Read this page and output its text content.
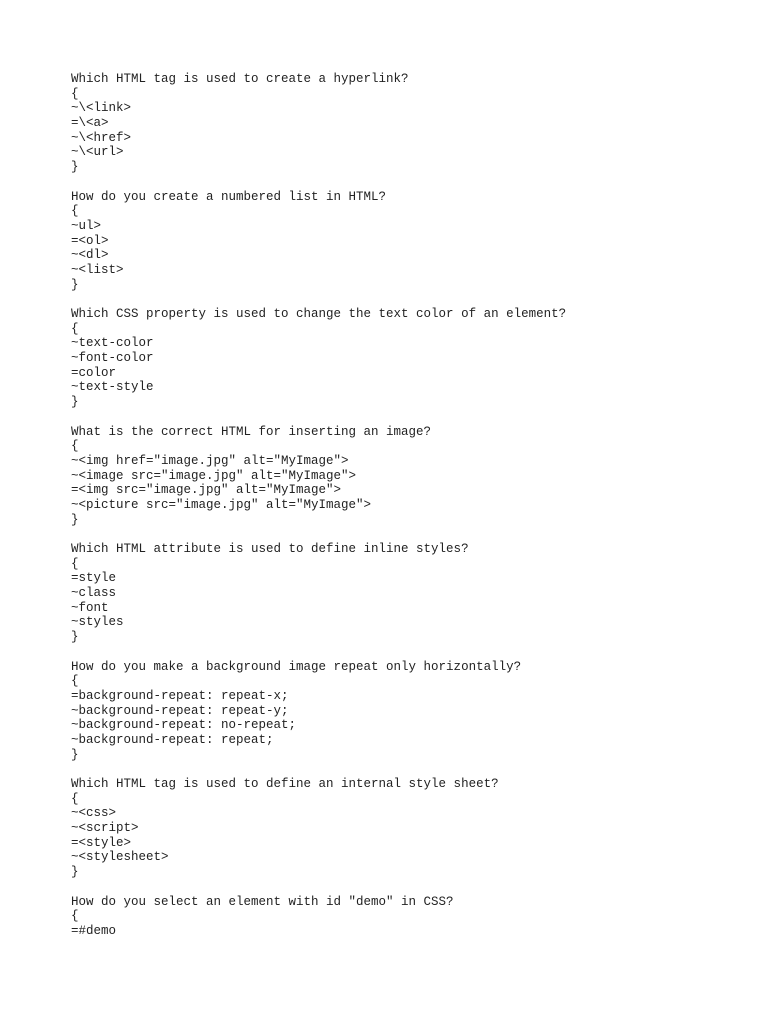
Which HTML tag is used to create a hyperlink?
{
~\<link>
=\<a>
~\<href>
~\<url>
}
How do you create a numbered list in HTML?
{
~ul>
=<ol>
~<dl>
~<list>
}
Which CSS property is used to change the text color of an element?
{
~text-color
~font-color
=color
~text-style
}
What is the correct HTML for inserting an image?
{
~<img href="image.jpg" alt="MyImage">
~<image src="image.jpg" alt="MyImage">
=<img src="image.jpg" alt="MyImage">
~<picture src="image.jpg" alt="MyImage">
}
Which HTML attribute is used to define inline styles?
{
=style
~class
~font
~styles
}
How do you make a background image repeat only horizontally?
{
=background-repeat: repeat-x;
~background-repeat: repeat-y;
~background-repeat: no-repeat;
~background-repeat: repeat;
}
Which HTML tag is used to define an internal style sheet?
{
~<css>
~<script>
=<style>
~<stylesheet>
}
How do you select an element with id "demo" in CSS?
{
=#demo
